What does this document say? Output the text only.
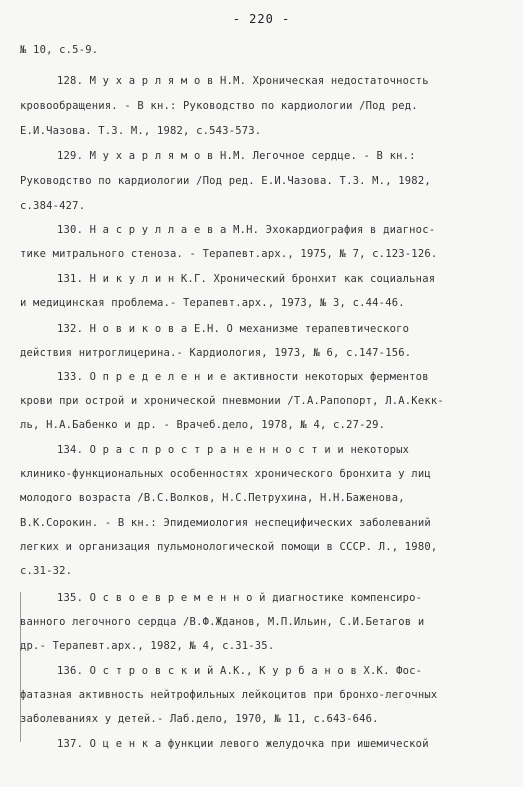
- 220 -
№ 10, с.5-9.
128. М у х а р л я м о в Н.М. Хроническая недостаточность
кровообращения. - В кн.: Руководство по кардиологии /Под ред.
Е.И.Чазова. Т.3. М., 1982, с.543-573.
129. М у х а р л я м о в Н.М. Легочное сердце. - В кн.:
Руководство по кардиологии /Под ред. Е.И.Чазова. Т.3. М., 1982,
с.384-427.
130. Н а с р у л л а е в а М.Н. Эхокардиография в диагнос-
тике митрального стеноза. - Терапевт.арх., 1975, № 7, с.123-126.
131. Н и к у л и н К.Г. Хронический бронхит как социальная
и медицинская проблема.- Терапевт.арх., 1973, № 3, с.44-46.
132. Н о в и к о в а Е.Н. О механизме терапевтического
действия нитроглицерина.- Кардиология, 1973, № 6, с.147-156.
133. О п р е д е л е н и е активности некоторых ферментов
крови при острой и хронической пневмонии /Т.А.Рапопорт, Л.А.Кекк-
ль, Н.А.Бабенко и др. - Врачеб.дело, 1978, № 4, с.27-29.
134. О р а с п р о с т р а н е н н о с т и и некоторых
клинико-функциональных особенностях хронического бронхита у лиц
молодого возраста /В.С.Волков, Н.С.Петрухина, Н.Н.Баженова,
В.К.Сорокин. - В кн.: Эпидемиология неспецифических заболеваний
легких и организация пульмонологической помощи в СССР. Л., 1980,
с.31-32.
135. О с в о е в р е м е н н о й диагностике компенсиро-
ванного легочного сердца /В.Ф.Жданов, М.П.Ильин, С.И.Бетагов и
др.- Терапевт.арх., 1982, № 4, с.31-35.
136. О с т р о в с к и й А.К., К у р б а н о в Х.К. Фос-
фатазная активность нейтрофильных лейкоцитов при бронхо-легочных
заболеваниях у детей.- Лаб.дело, 1970, № 11, с.643-646.
137. О ц е н к а функции левого желудочка при ишемической
